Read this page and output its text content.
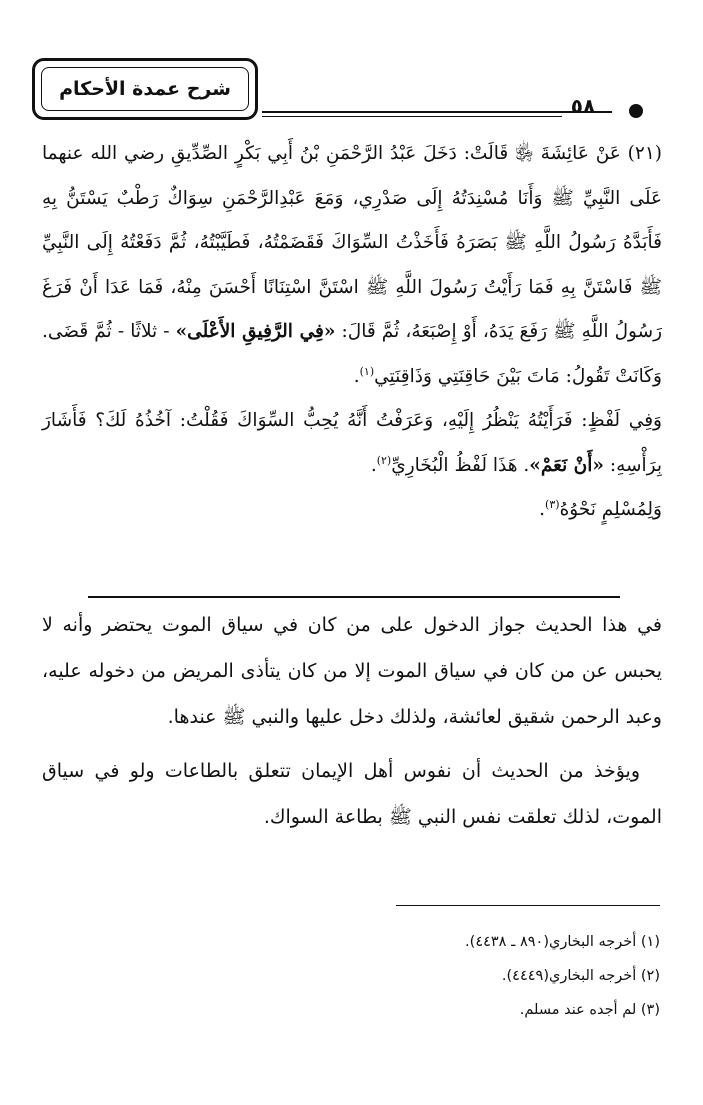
شرح عمدة الأحكام
٥٨

(٢١) عَنْ عَائِشَةَ ﵂ قَالَتْ: دَخَلَ عَبْدُ الرَّحْمَنِ بْنُ أَبِي بَكْرٍ الصِّدِّيقِ رضي الله عنهما عَلَى النَّبِيِّ ﷺ وَأَنَا مُسْنِدَتُهُ إِلَى صَدْرِي، وَمَعَ عَبْدِالرَّحْمَنِ سِوَاكٌ رَطْبٌ يَسْتَنُّ بِهِ فَأَبَدَّهُ رَسُولُ اللَّهِ ﷺ بَصَرَهُ فَأَخَذْتُ السِّوَاكَ فَقَضَمْتُهُ، فَطَيَّبْتُهُ، ثُمَّ دَفَعْتُهُ إِلَى النَّبِيِّ ﷺ فَاسْتَنَّ بِهِ فَمَا رَأَيْتُ رَسُولَ اللَّهِ ﷺ اسْتَنَّ اسْتِنَانًا أَحْسَنَ مِنْهُ، فَمَا عَدَا أَنْ فَرَغَ رَسُولُ اللَّهِ ﷺ رَفَعَ يَدَهُ، أَوْ إِصْبَعَهُ، ثُمَّ قَالَ: «فِي الرَّفِيقِ الأَعْلَى» - ثلاثًا - ثُمَّ قَضَى. وَكَانَتْ تَقُولُ: مَاتَ بَيْنَ حَاقِنَتِي وَذَاقِنَتِي$^{(١)}$.

وَفِي لَفْظٍ: فَرَأَيْتُهُ يَنْظُرُ إِلَيْهِ، وَعَرَفْتُ أَنَّهُ يُحِبُّ السِّوَاكَ فَقُلْتُ: آخُذُهُ لَكَ؟ فَأَشَارَ بِرَأْسِهِ: «أَنْ نَعَمْ». هَذَا لَفْظُ الْبُخَارِيِّ$^{(٢)}$.

وَلِمُسْلِمٍ نَحْوُهُ$^{(٣)}$.

في هذا الحديث جواز الدخول على من كان في سياق الموت يحتضر وأنه لا يحبس عن من كان في سياق الموت إلا من كان يتأذى المريض من دخوله عليه، وعبد الرحمن شقيق لعائشة، ولذلك دخل عليها والنبي ﷺ عندها.

ويؤخذ من الحديث أن نفوس أهل الإيمان تتعلق بالطاعات ولو في سياق الموت، لذلك تعلقت نفس النبي ﷺ بطاعة السواك.

(١) أخرجه البخاري(٨٩٠ ـ ٤٤٣٨).
(٢) أخرجه البخاري(٤٤٤٩).
(٣) لم أجده عند مسلم.
